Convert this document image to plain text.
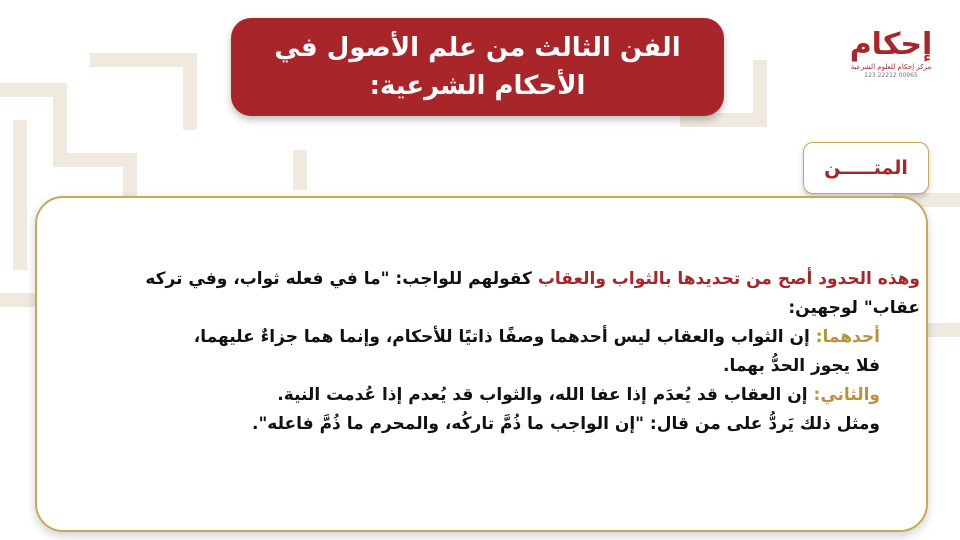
الفن الثالث من علم الأصول في
الأحكام الشرعية:
إحكام
مركز إحكام للعلوم الشرعية
00965 22212 123
المتـــــن
وهذه الحدود أصح من تحديدها بالثواب والعقاب كقولهم للواجب: "ما في فعله ثواب، وفي تركه
عقاب" لوجهين:
أحدهما: إن الثواب والعقاب ليس أحدهما وصفًا ذاتيًا للأحكام، وإنما هما جزاءٌ عليهما،
فلا يجوز الحدُّ بهما.
والثاني: إن العقاب قد يُعدَم إذا عفا الله، والثواب قد يُعدم إذا عُدمت النية.
ومثل ذلك يَردُّ على من قال: "إن الواجب ما ذُمَّ تاركُه، والمحرم ما ذُمَّ فاعله".
